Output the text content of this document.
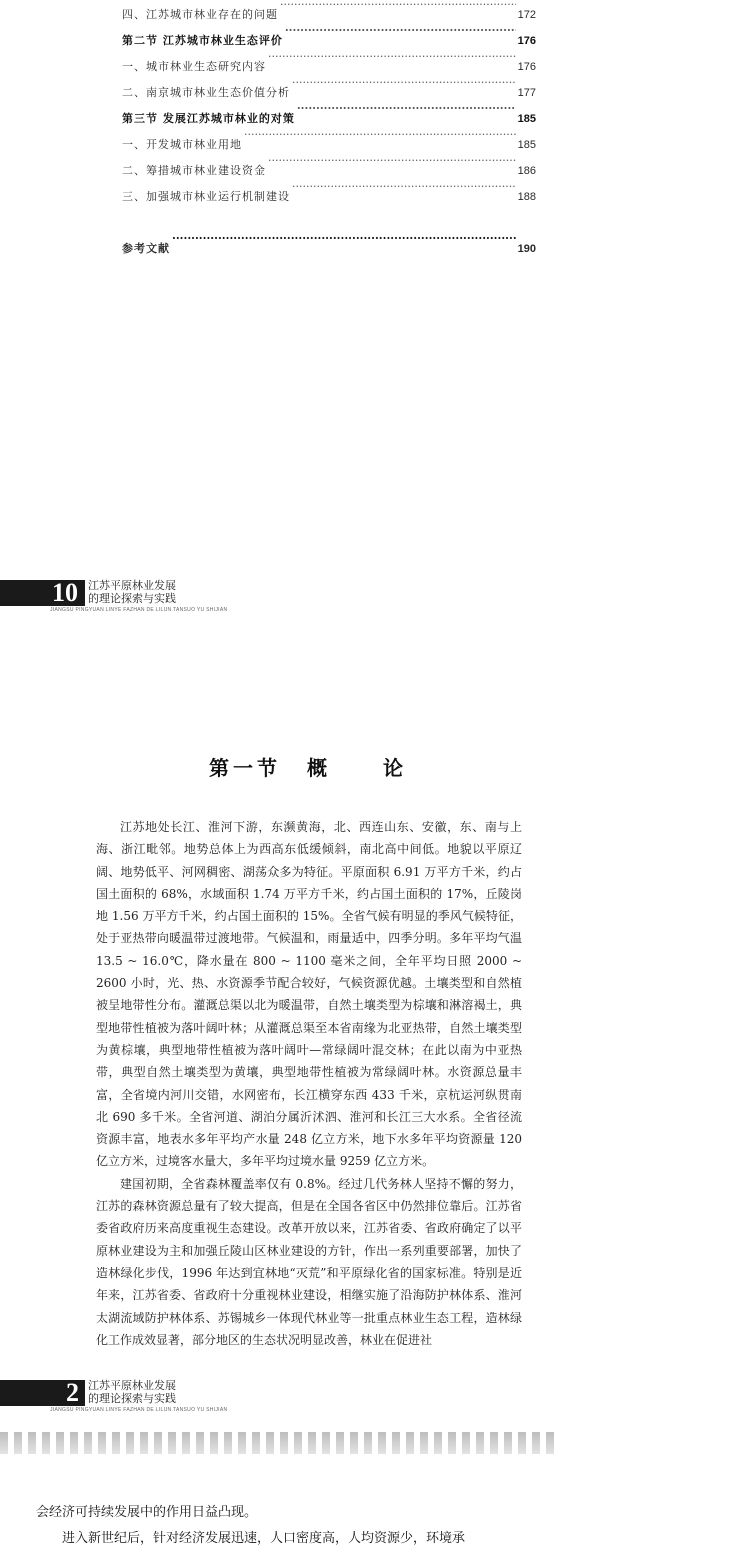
四、江苏城市林业存在的问题 ·····	172
第二节 江苏城市林业生态评价 ·····	176
一、城市林业生态研究内容 ·····	176
二、南京城市林业生态价值分析 ·····	177
第三节 发展江苏城市林业的对策 ·····	185
一、开发城市林业用地 ·····	185
二、筹措城市林业建设资金 ·····	186
三、加强城市林业运行机制建设 ·····	188
参考文献 ·····	190
10 江苏平原林业发展
的理论探索与实践
JIANGSU PINGYUAN LINYE FAZHAN DE LILUN TANSUO YU SHIJIAN
第一节 概	论

江苏地处长江、淮河下游，东濒黄海，北、西连山东、安徽，东、南与上海、浙江毗邻。地势总体上为西高东低缓倾斜，南北高中间低。地貌以平原辽阔、地势低平、河网稠密、湖荡众多为特征。平原面积 6.91 万平方千米，约占国土面积的 68%，水域面积 1.74 万平方千米，约占国土面积的 17%，丘陵岗地 1.56 万平方千米，约占国土面积的 15%。全省气候有明显的季风气候特征，处于亚热带向暖温带过渡地带。气候温和，雨量适中，四季分明。多年平均气温 13.5 ~ 16.0℃，降水量在 800 ~ 1100 毫米之间，全年平均日照 2000 ~ 2600 小时，光、热、水资源季节配合较好，气候资源优越。土壤类型和自然植被呈地带性分布。灌溉总渠以北为暖温带，自然土壤类型为棕壤和淋溶褐土，典型地带性植被为落叶阔叶林；从灌溉总渠至本省南缘为北亚热带，自然土壤类型为黄棕壤，典型地带性植被为落叶阔叶—常绿阔叶混交林；在此以南为中亚热带，典型自然土壤类型为黄壤，典型地带性植被为常绿阔叶林。水资源总量丰富，全省境内河川交错，水网密布，长江横穿东西 433 千米，京杭运河纵贯南北 690 多千米。全省河道、湖泊分属沂沭泗、淮河和长江三大水系。全省径流资源丰富，地表水多年平均产水量 248 亿立方米，地下水多年平均资源量 120 亿立方米，过境客水量大，多年平均过境水量 9259 亿立方米。

建国初期，全省森林覆盖率仅有 0.8%。经过几代务林人坚持不懈的努力，江苏的森林资源总量有了较大提高，但是在全国各省区中仍然排位靠后。江苏省委省政府历来高度重视生态建设。改革开放以来，江苏省委、省政府确定了以平原林业建设为主和加强丘陵山区林业建设的方针，作出一系列重要部署，加快了造林绿化步伐，1996 年达到宜林地“灭荒”和平原绿化省的国家标准。特别是近年来，江苏省委、省政府十分重视林业建设，相继实施了沿海防护林体系、淮河太湖流域防护林体系、苏锡城乡一体现代林业等一批重点林业生态工程，造林绿化工作成效显著，部分地区的生态状况明显改善，林业在促进社

2 江苏平原林业发展
的理论探索与实践
JIANGSU PINGYUAN LINYE FAZHAN DE LILUN TANSUO YU SHIJIAN
会经济可持续发展中的作用日益凸现。
进入新世纪后，针对经济发展迅速，人口密度高，人均资源少，环境承
